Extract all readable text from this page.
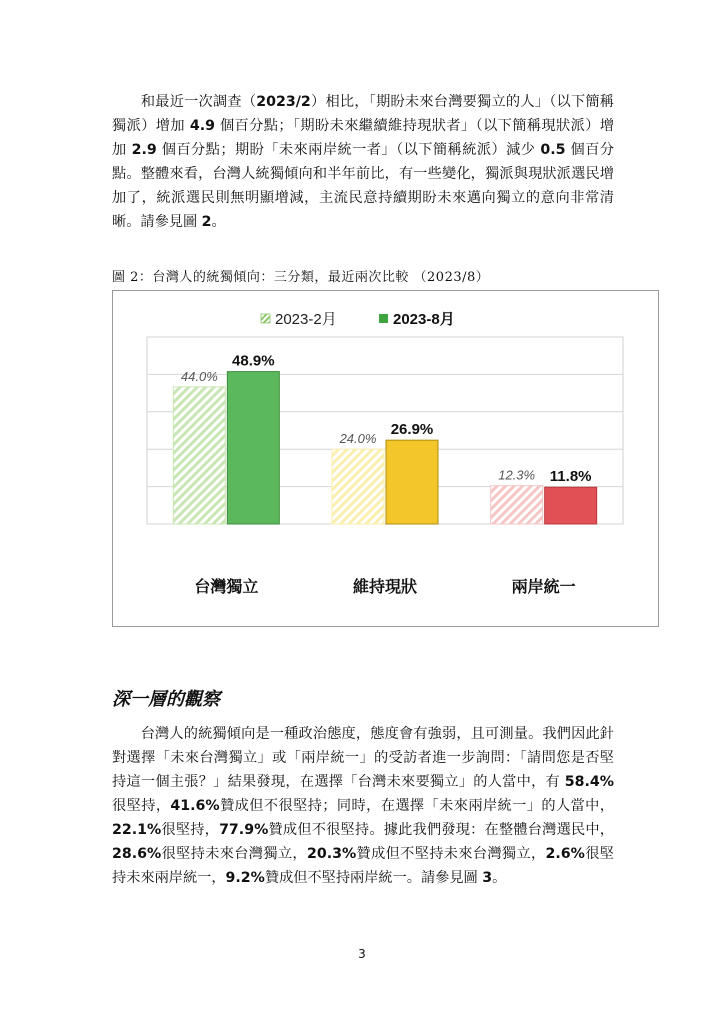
　　和最近一次調查（2023/2）相比，「期盼未來台灣要獨立的人」（以下簡稱獨派）增加 4.9 個百分點；「期盼未來繼續維持現狀者」（以下簡稱現狀派）增加 2.9 個百分點；期盼「未來兩岸統一者」（以下簡稱統派）減少 0.5 個百分點。整體來看，台灣人統獨傾向和半年前比，有一些變化，獨派與現狀派選民增加了，統派選民則無明顯增減，主流民意持續期盼未來邁向獨立的意向非常清晰。請參見圖 2。

圖 2：台灣人的統獨傾向：三分類，最近兩次比較 （2023/8）
44.0%
48.9%
台灣獨立
24.0%
26.9%
維持現狀
12.3% 11.8%
兩岸統一
2023-2月	2023-8月
深一層的觀察

　　台灣人的統獨傾向是一種政治態度，態度會有強弱，且可測量。我們因此針對選擇「未來台灣獨立」或「兩岸統一」的受訪者進一步詢問：「請問您是否堅持這一個主張？」結果發現，在選擇「台灣未來要獨立」的人當中，有 58.4%很堅持，41.6%贊成但不很堅持；同時，在選擇「未來兩岸統一」的人當中，22.1%很堅持，77.9%贊成但不很堅持。據此我們發現：在整體台灣選民中，28.6%很堅持未來台灣獨立，20.3%贊成但不堅持未來台灣獨立，2.6%很堅持未來兩岸統一，9.2%贊成但不堅持兩岸統一。請參見圖 3。

3
